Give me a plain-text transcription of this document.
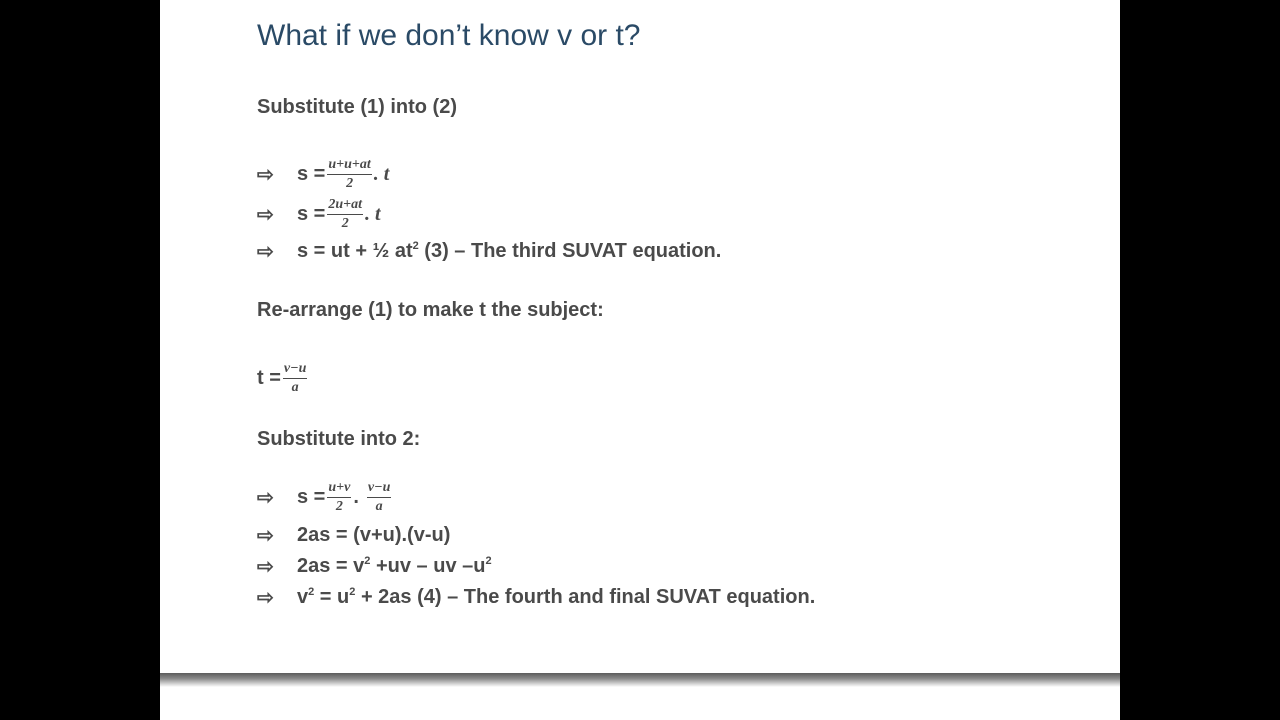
What if we don’t know v or t?
Substitute (1) into (2)
⇨	$s = \frac{u+u+at}{2}$ . t
⇨	$s = \frac{2u+at}{2}$ . t
⇨	s = ut + ½ $at^2$ (3) – The third SUVAT equation.
Re-arrange (1) to make t the subject:
$t = \frac{v-u}{a}$
Substitute into 2:
⇨	$s = \frac{u+v}{2}$ . $\frac{v-u}{a}$
⇨	2as = (v+u).(v-u)
⇨	$2as = v^2 +uv$ – uv $-u^2$
⇨	$v^2 = u^2 + 2as$ (4) – The fourth and final SUVAT equation.
